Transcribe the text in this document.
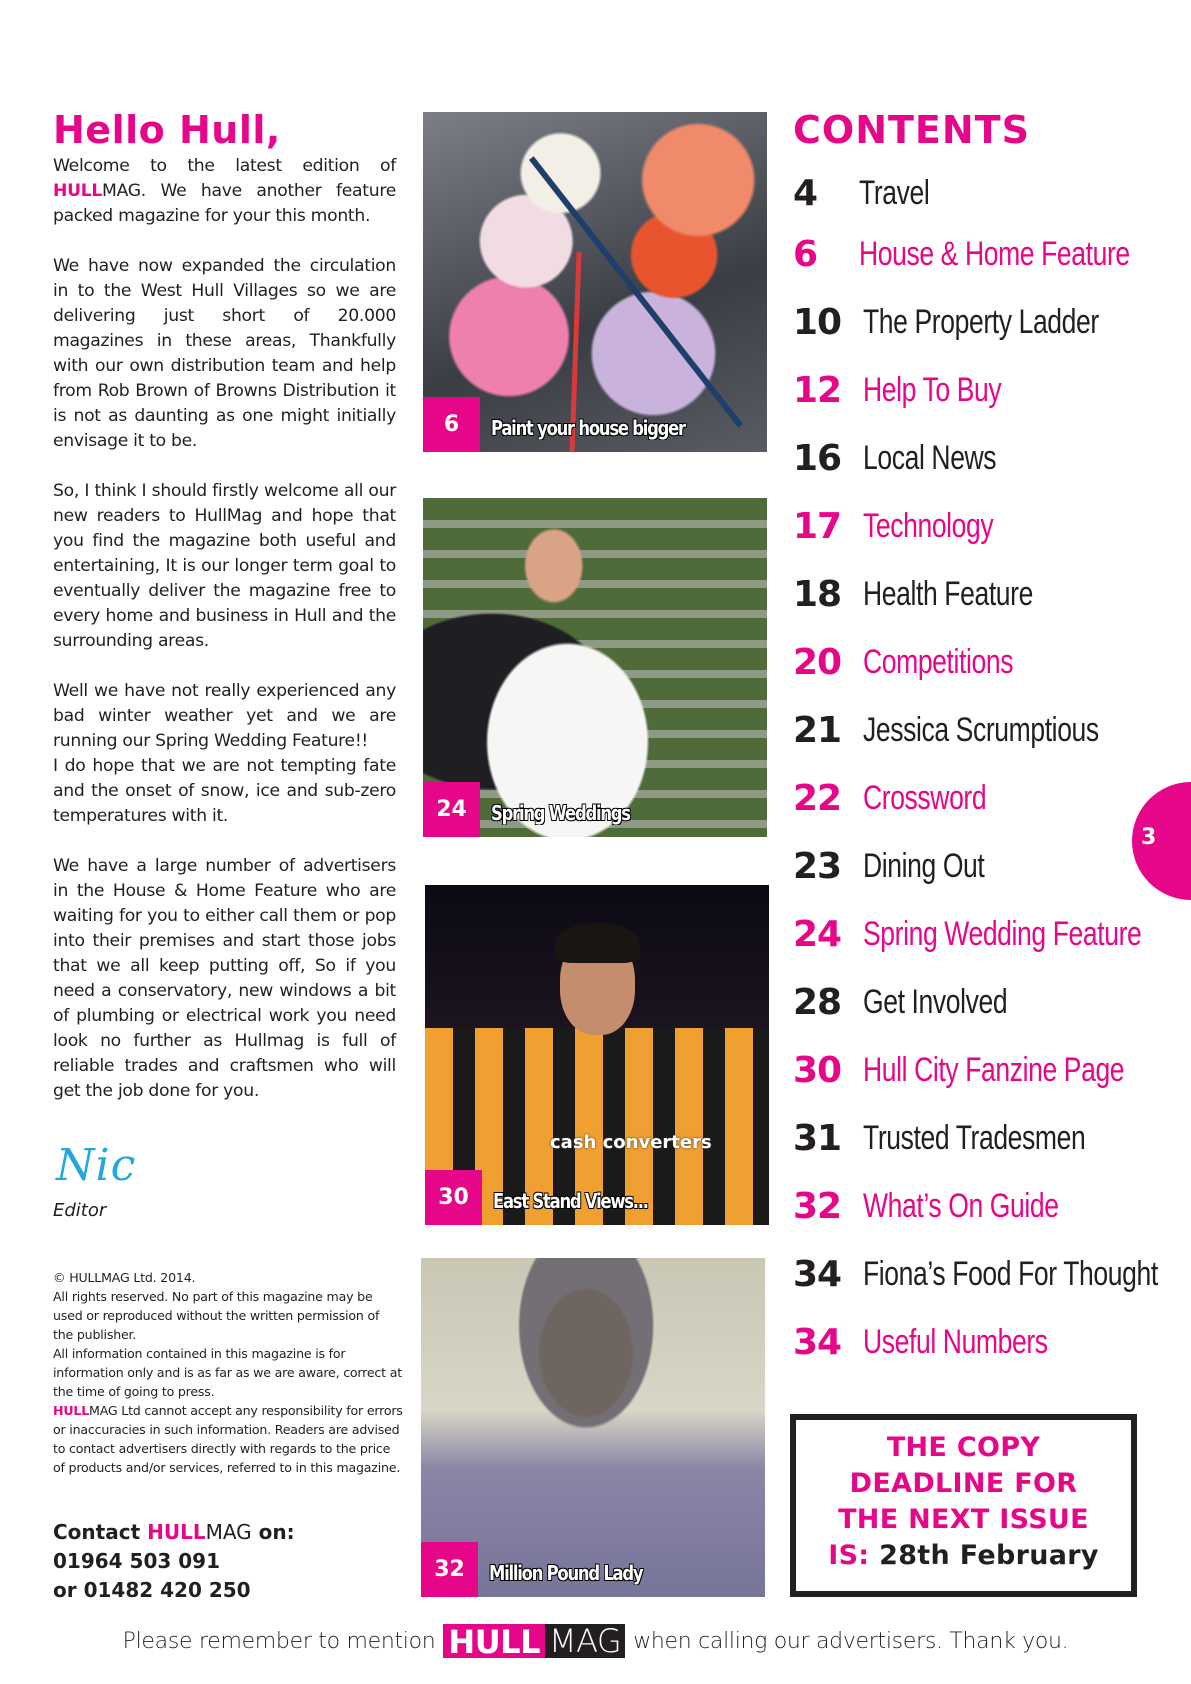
Hello Hull,

Welcome to the latest edition of HULLMAG. We have another feature packed magazine for your this month.

We have now expanded the circulation in to the West Hull Villages so we are delivering just short of 20.000 magazines in these areas, Thankfully with our own distribution team and help from Rob Brown of Browns Distribution it is not as daunting as one might initially envisage it to be.

So, I think I should firstly welcome all our new readers to HullMag and hope that you find the magazine both useful and entertaining, It is our longer term goal to eventually deliver the magazine free to every home and business in Hull and the surrounding areas.

Well we have not really experienced any bad winter weather yet and we are running our Spring Wedding Feature!!

I do hope that we are not tempting fate and the onset of snow, ice and sub-zero temperatures with it.

We have a large number of advertisers in the House & Home Feature who are waiting for you to either call them or pop into their premises and start those jobs that we all keep putting off, So if you need a conservatory, new windows a bit of plumbing or electrical work you need look no further as Hullmag is full of reliable trades and craftsmen who will get the job done for you.

Nic
Editor
© HULLMAG Ltd. 2014.
All rights reserved. No part of this magazine may be used or reproduced without the written permission of the publisher.
All information contained in this magazine is for information only and is as far as we are aware, correct at the time of going to press.
HULLMAG Ltd cannot accept any responsibility for errors or inaccuracies in such information. Readers are advised to contact advertisers directly with regards to the price of products and/or services, referred to in this magazine.
Contact HULLMAG on:
01964 503 091
or 01482 420 250
6	Paint your house bigger
24	Spring Weddings
cash converters
30	East Stand Views...
32	Million Pound Lady
CONTENTS
4	Travel
6	House & Home Feature
10 The Property Ladder
12 Help To Buy
16 Local News
17 Technology
18 Health Feature
20 Competitions
21 Jessica Scrumptious
22 Crossword
23 Dining Out
24 Spring Wedding Feature
28 Get Involved
30 Hull City Fanzine Page
31 Trusted Tradesmen
32 What’s On Guide
34 Fiona’s Food For Thought
34 Useful Numbers
THE COPY
DEADLINE FOR
THE NEXT ISSUE
IS: 28th February
3
Please remember to mention HULL MAG when calling our advertisers. Thank you.
